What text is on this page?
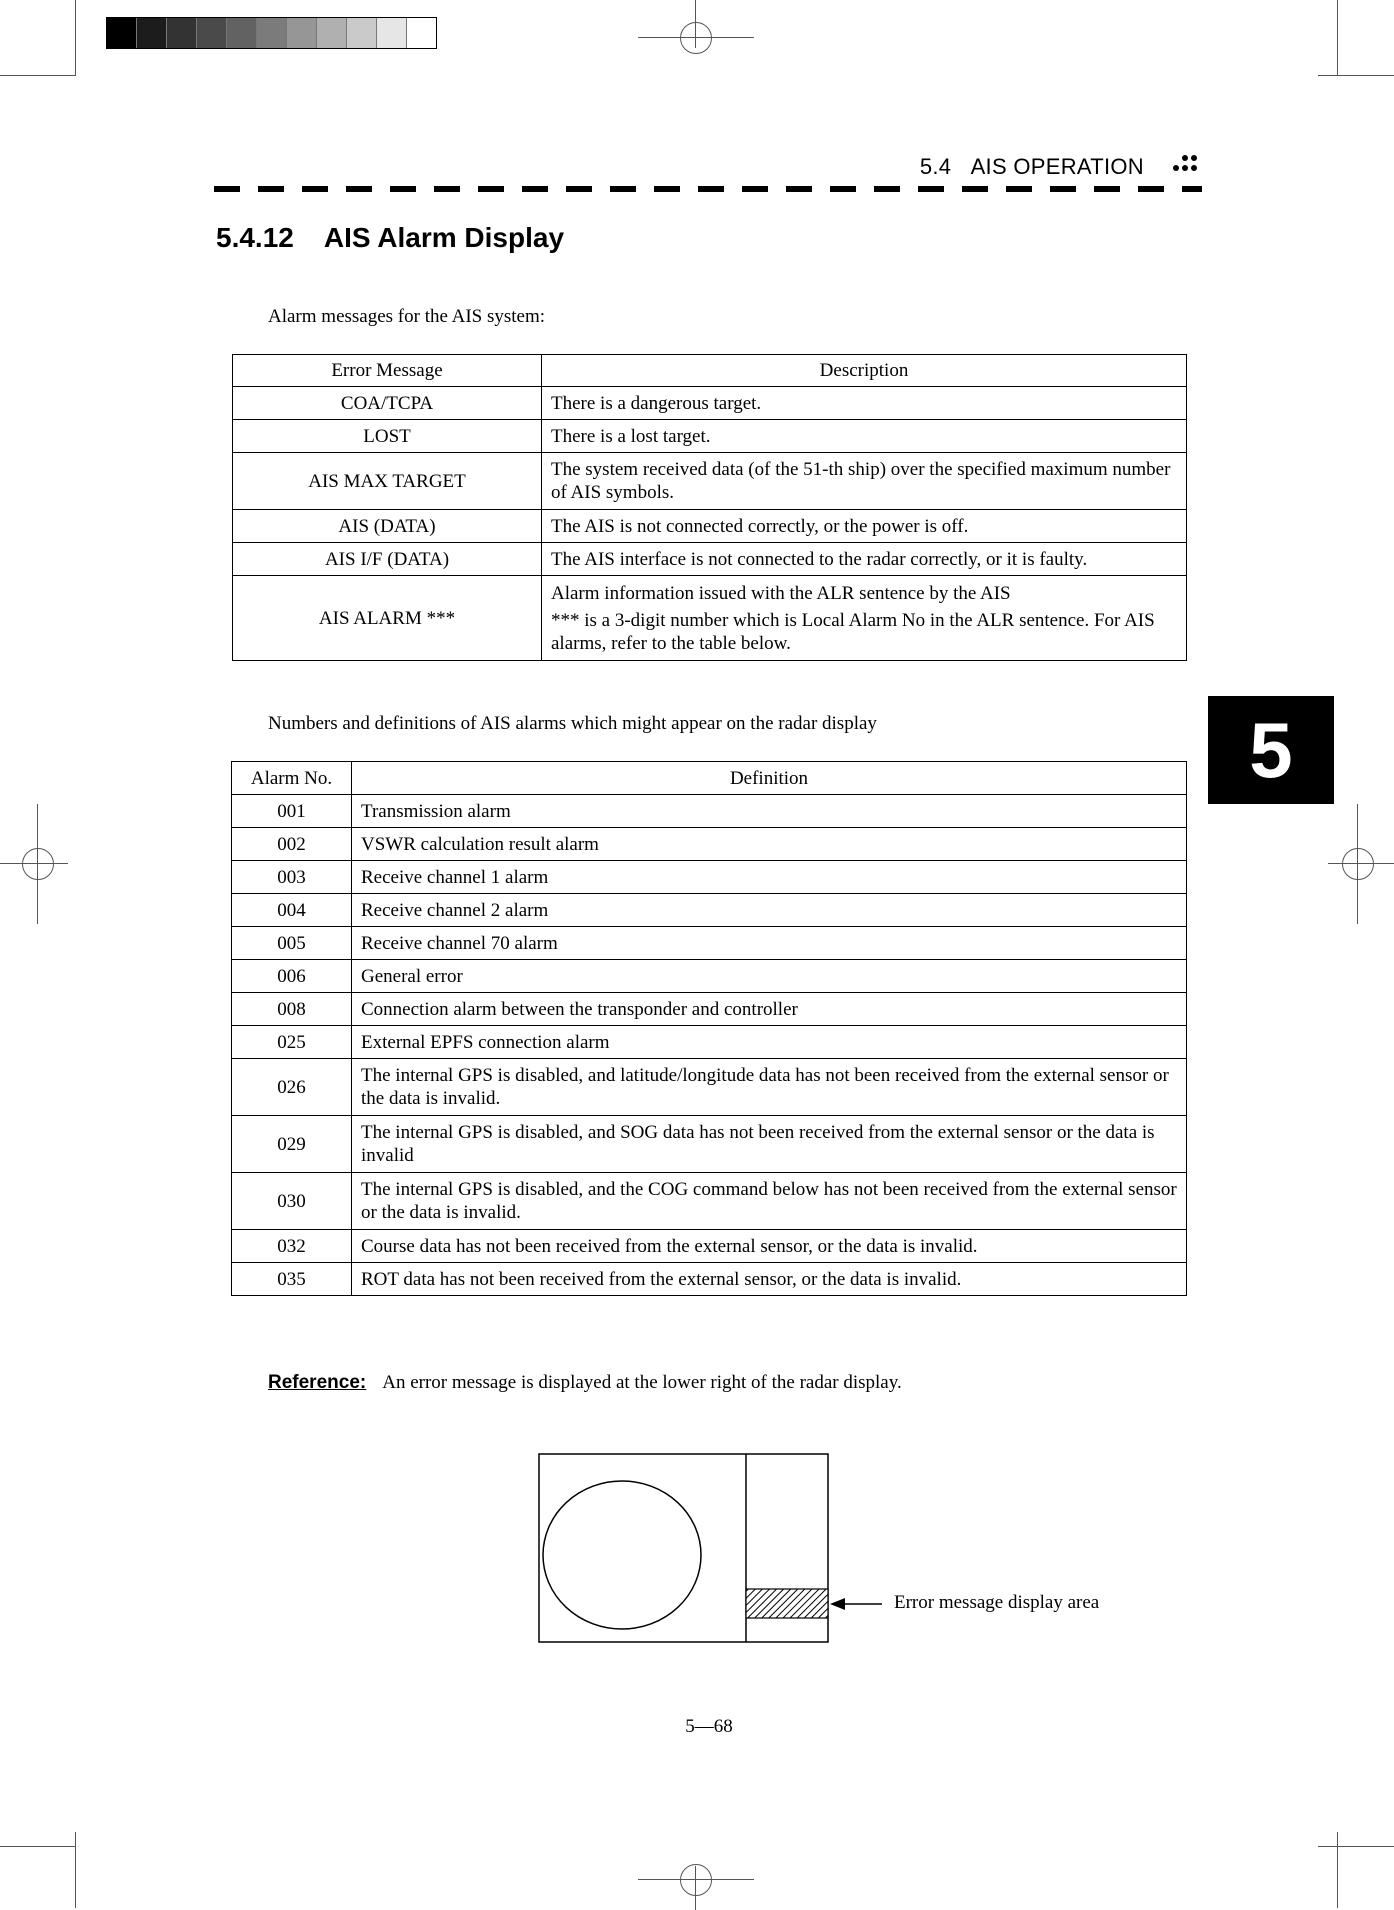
5.4 AIS OPERATION
5.4.12 AIS Alarm Display
Alarm messages for the AIS system:
Error Message	Description
COA/TCPA	There is a dangerous target.
LOST	There is a lost target.
AIS MAX TARGET	The system received data (of the 51-th ship) over the specified maximum number of AIS symbols.
AIS (DATA)	The AIS is not connected correctly, or the power is off.
AIS I/F (DATA)	The AIS interface is not connected to the radar correctly, or it is faulty.
AIS ALARM ***	Alarm information issued with the ALR sentence by the AIS
*** is a 3-digit number which is Local Alarm No in the ALR sentence. For AIS alarms, refer to the table below.
Numbers and definitions of AIS alarms which might appear on the radar display	5
Alarm No.	Definition
001	Transmission alarm
002	VSWR calculation result alarm
003	Receive channel 1 alarm
004	Receive channel 2 alarm
005	Receive channel 70 alarm
006	General error
008	Connection alarm between the transponder and controller
025	External EPFS connection alarm
026	The internal GPS is disabled, and latitude/longitude data has not been received from the external sensor or the data is invalid.
029	The internal GPS is disabled, and SOG data has not been received from the external sensor or the data is invalid
030	The internal GPS is disabled, and the COG command below has not been received from the external sensor or the data is invalid.
032	Course data has not been received from the external sensor, or the data is invalid.
035	ROT data has not been received from the external sensor, or the data is invalid.
Reference: An error message is displayed at the lower right of the radar display.
Error message display area
5—68
